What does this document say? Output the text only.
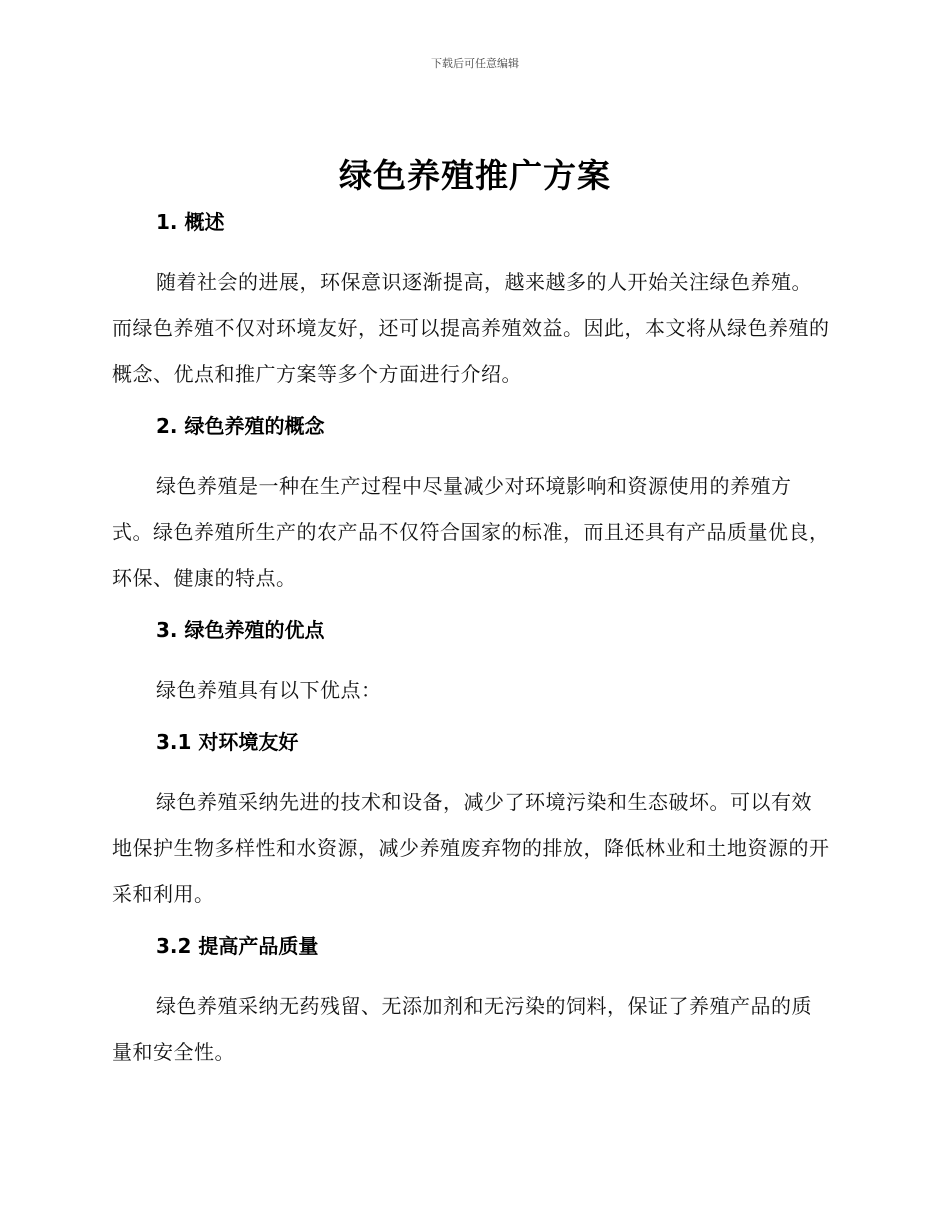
下载后可任意编辑
绿色养殖推广方案

1. 概述

随着社会的进展，环保意识逐渐提高，越来越多的人开始关注绿色养殖。而绿色养殖不仅对环境友好，还可以提高养殖效益。因此，本文将从绿色养殖的概念、优点和推广方案等多个方面进行介绍。

2. 绿色养殖的概念

绿色养殖是一种在生产过程中尽量减少对环境影响和资源使用的养殖方式。绿色养殖所生产的农产品不仅符合国家的标准，而且还具有产品质量优良，环保、健康的特点。

3. 绿色养殖的优点

绿色养殖具有以下优点：

3.1 对环境友好

绿色养殖采纳先进的技术和设备，减少了环境污染和生态破坏。可以有效地保护生物多样性和水资源，减少养殖废弃物的排放，降低林业和土地资源的开采和利用。

3.2 提高产品质量

绿色养殖采纳无药残留、无添加剂和无污染的饲料，保证了养殖产品的质量和安全性。
